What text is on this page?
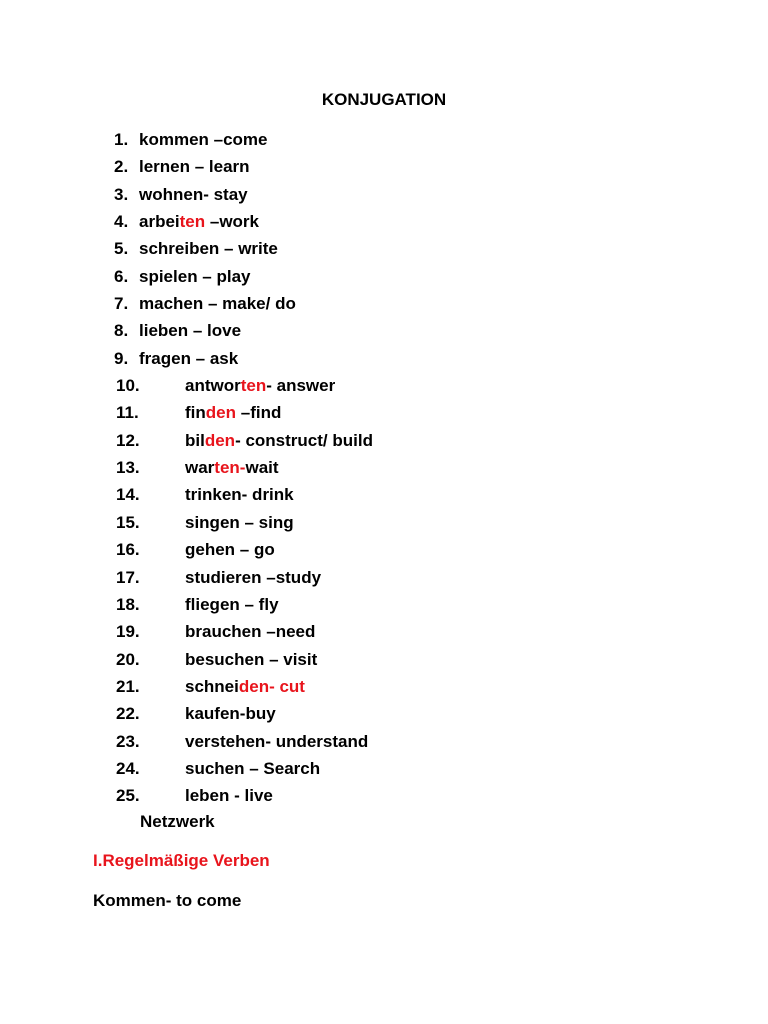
KONJUGATION
1. kommen –come
2. lernen – learn
3. wohnen- stay
4. arbeiten –work
5. schreiben – write
6. spielen – play
7. machen – make/ do
8. lieben – love
9. fragen – ask
10.	antworten- answer
11.	finden –find
12.	bilden- construct/ build
13.	warten-wait
14.	trinken- drink
15.	singen – sing
16.	gehen – go
17.	studieren –study
18.	fliegen – fly
19.	brauchen –need
20.	besuchen – visit
21.	schneiden- cut
22.	kaufen-buy
23.	verstehen- understand
24.	suchen – Search
25.	leben - live
Netzwerk
I.Regelmäßige Verben
Kommen- to come
